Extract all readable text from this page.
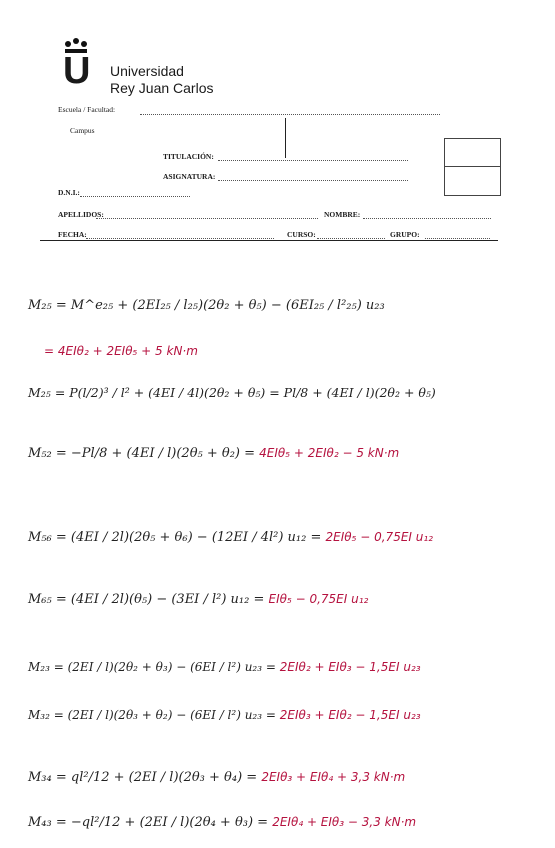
U Universidad
Rey Juan Carlos
Escuela / Facultad:
Campus
TITULACIÓN:
ASIGNATURA:
D.N.I.:
APELLIDOS:	NOMBRE:
FECHA:	CURSO:	GRUPO:
M₂₅ = M^e₂₅ + (2EI₂₅ / l₂₅)(2θ₂ + θ₅) − (6EI₂₅ / l²₂₅) u₂₃
= 4EIθ₂ + 2EIθ₅ + 5 kN·m
M₂₅ = P(l/2)³ / l² + (4EI / 4l)(2θ₂ + θ₅) = Pl/8 + (4EI / l)(2θ₂ + θ₅)
M₅₂ = −Pl/8 + (4EI / l)(2θ₅ + θ₂) = 4EIθ₅ + 2EIθ₂ − 5 kN·m
M₅₆ = (4EI / 2l)(2θ₅ + θ₆) − (12EI / 4l²) u₁₂ = 2EIθ₅ − 0,75EI u₁₂
M₆₅ = (4EI / 2l)(θ₅) − (3EI / l²) u₁₂ = EIθ₅ − 0,75EI u₁₂
M₂₃ = (2EI / l)(2θ₂ + θ₃) − (6EI / l²) u₂₃ = 2EIθ₂ + EIθ₃ − 1,5EI u₂₃
M₃₂ = (2EI / l)(2θ₃ + θ₂) − (6EI / l²) u₂₃ = 2EIθ₃ + EIθ₂ − 1,5EI u₂₃
M₃₄ = ql²/12 + (2EI / l)(2θ₃ + θ₄) = 2EIθ₃ + EIθ₄ + 3,3 kN·m
M₄₃ = −ql²/12 + (2EI / l)(2θ₄ + θ₃) = 2EIθ₄ + EIθ₃ − 3,3 kN·m
